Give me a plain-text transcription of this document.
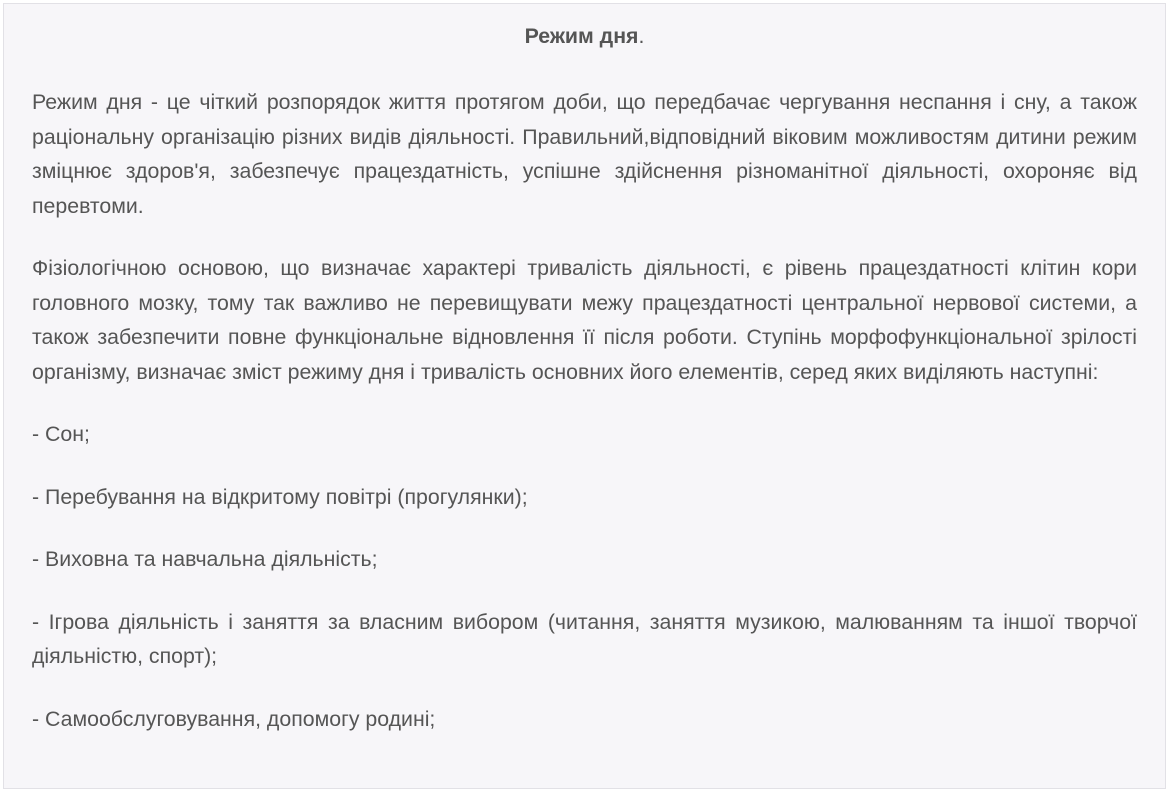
Режим дня.

Режим дня - це чіткий розпорядок життя протягом доби, що передбачає чергування неспання і сну, а також раціональну організацію різних видів діяльності. Правильний,відповідний віковим можливостям дитини режим зміцнює здоров'я, забезпечує працездатність, успішне здійснення різноманітної діяльності, охороняє від перевтоми.

Фізіологічною основою, що визначає характері тривалість діяльності, є рівень працездатності клітин кори головного мозку, тому так важливо не перевищувати межу працездатності центральної нервової системи, а також забезпечити повне функціональне відновлення її після роботи. Ступінь морфофункціональної зрілості організму, визначає зміст режиму дня і тривалість основних його елементів, серед яких виділяють наступні:

- Сон;

- Перебування на відкритому повітрі (прогулянки);

- Виховна та навчальна діяльність;

- Ігрова діяльність і заняття за власним вибором (читання, заняття музикою, малюванням та іншої творчої діяльністю, спорт);

- Самообслуговування, допомогу родині;
